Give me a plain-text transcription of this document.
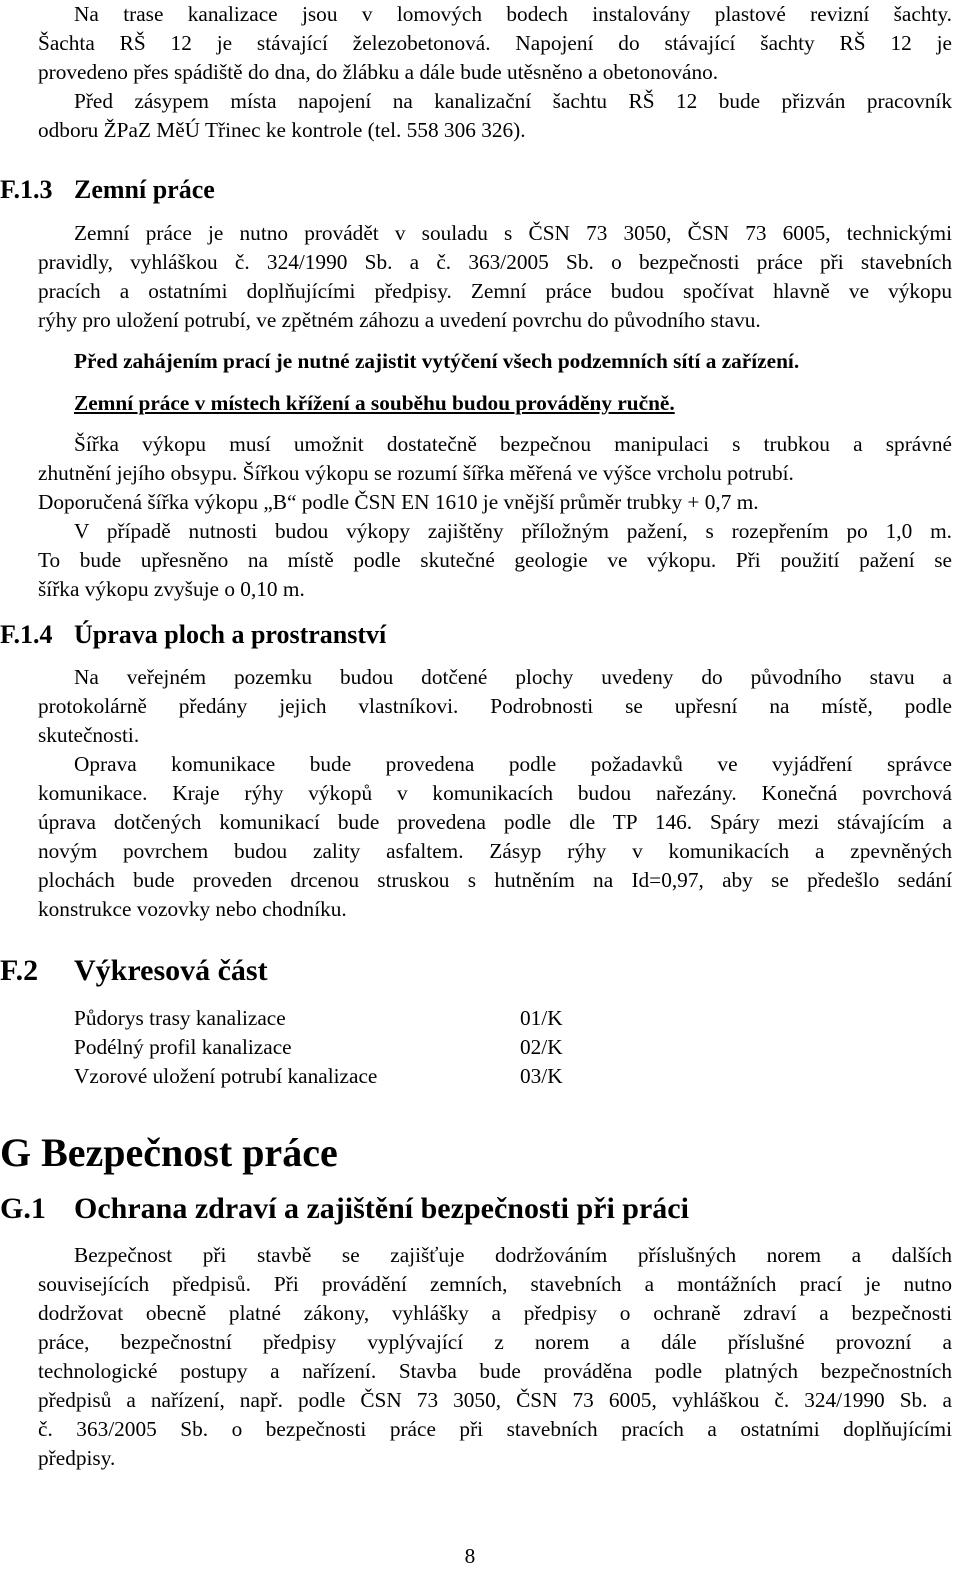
Na trase kanalizace jsou v lomových bodech instalovány plastové revizní šachty.
Šachta RŠ 12 je stávající železobetonová. Napojení do stávající šachty RŠ 12 je
provedeno přes spádiště do dna, do žlábku a dále bude utěsněno a obetonováno.
Před zásypem místa napojení na kanalizační šachtu RŠ 12 bude přizván pracovník
odboru ŽPaZ MěÚ Třinec ke kontrole (tel. 558 306 326).
F.1.3 Zemní práce
Zemní práce je nutno provádět v souladu s ČSN 73 3050, ČSN 73 6005, technickými
pravidly, vyhláškou č. 324/1990 Sb. a č. 363/2005 Sb. o bezpečnosti práce při stavebních
pracích a ostatními doplňujícími předpisy. Zemní práce budou spočívat hlavně ve výkopu
rýhy pro uložení potrubí, ve zpětném záhozu a uvedení povrchu do původního stavu.
Před zahájením prací je nutné zajistit vytýčení všech podzemních sítí a zařízení.
Zemní práce v místech křížení a souběhu budou prováděny ručně.
Šířka výkopu musí umožnit dostatečně bezpečnou manipulaci s trubkou a správné
zhutnění jejího obsypu. Šířkou výkopu se rozumí šířka měřená ve výšce vrcholu potrubí.
Doporučená šířka výkopu „B“ podle ČSN EN 1610 je vnější průměr trubky + 0,7 m.
V případě nutnosti budou výkopy zajištěny příložným pažení, s rozepřením po 1,0 m.
To bude upřesněno na místě podle skutečné geologie ve výkopu. Při použití pažení se
šířka výkopu zvyšuje o 0,10 m.
F.1.4 Úprava ploch a prostranství
Na veřejném pozemku budou dotčené plochy uvedeny do původního stavu a
protokolárně předány jejich vlastníkovi. Podrobnosti se upřesní na místě, podle
skutečnosti.
Oprava komunikace bude provedena podle požadavků ve vyjádření správce
komunikace. Kraje rýhy výkopů v komunikacích budou nařezány. Konečná povrchová
úprava dotčených komunikací bude provedena podle dle TP 146. Spáry mezi stávajícím a
novým povrchem budou zality asfaltem. Zásyp rýhy v komunikacích a zpevněných
plochách bude proveden drcenou struskou s hutněním na Id=0,97, aby se předešlo sedání
konstrukce vozovky nebo chodníku.
F.2 Výkresová část
Půdorys trasy kanalizace	01/K
Podélný profil kanalizace	02/K
Vzorové uložení potrubí kanalizace	03/K
G Bezpečnost práce
G.1 Ochrana zdraví a zajištění bezpečnosti při práci
Bezpečnost při stavbě se zajišťuje dodržováním příslušných norem a dalších
souvisejících předpisů. Při provádění zemních, stavebních a montážních prací je nutno
dodržovat obecně platné zákony, vyhlášky a předpisy o ochraně zdraví a bezpečnosti
práce, bezpečnostní předpisy vyplývající z norem a dále příslušné provozní a
technologické postupy a nařízení. Stavba bude prováděna podle platných bezpečnostních
předpisů a nařízení, např. podle ČSN 73 3050, ČSN 73 6005, vyhláškou č. 324/1990 Sb. a
č. 363/2005 Sb. o bezpečnosti práce při stavebních pracích a ostatními doplňujícími
předpisy.
8
